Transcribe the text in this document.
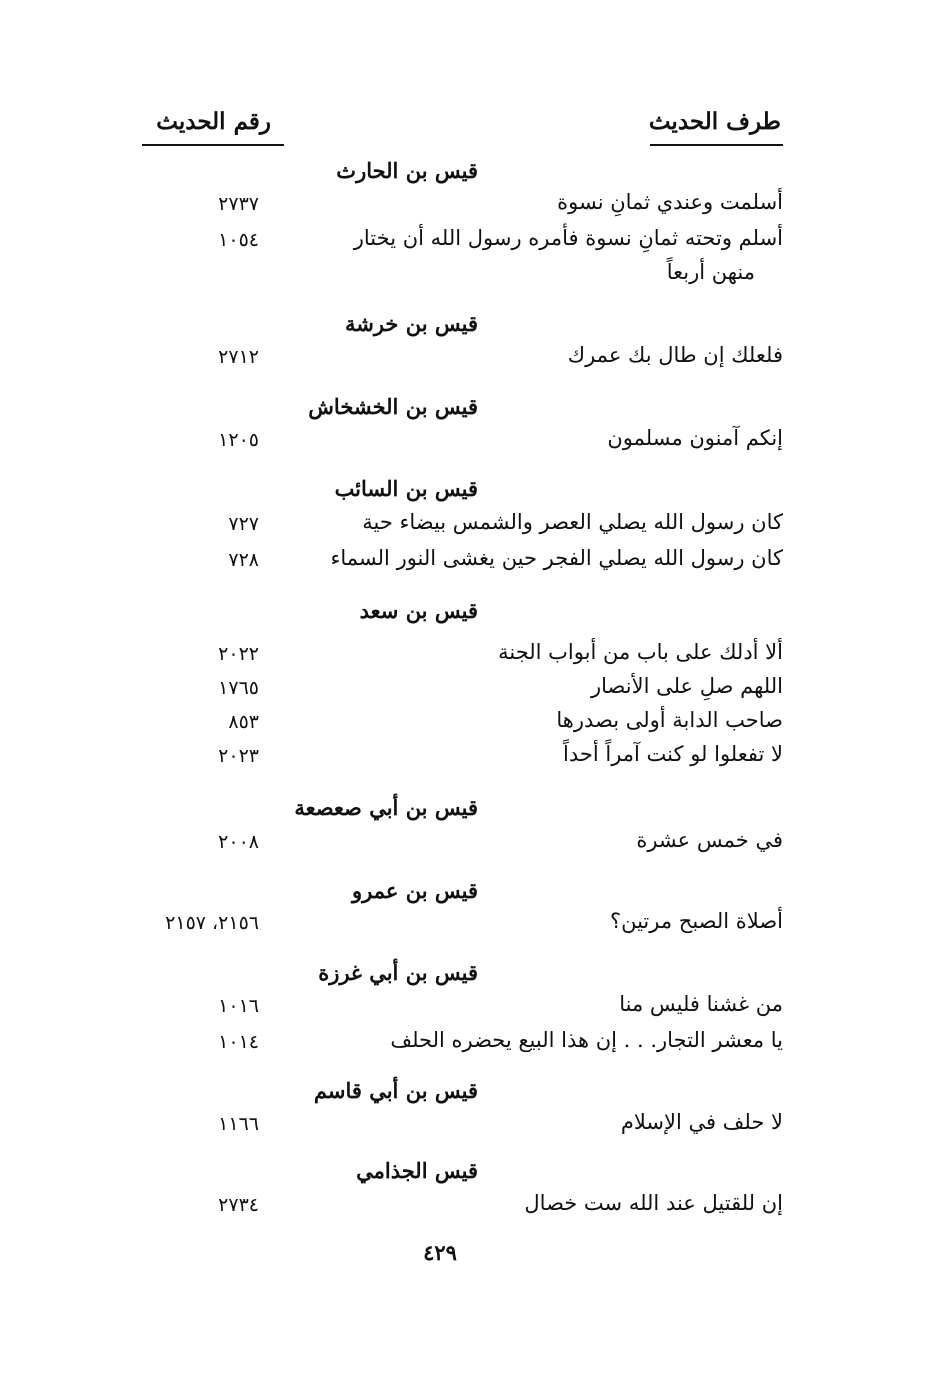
طرف الحديث
رقم الحديث
قيس بن الحارث
أسلمت وعندي ثمانِ نسوة
٢٧٣٧
أسلم وتحته ثمانِ نسوة فأمره رسول الله أن يختار
منهن أربعاً
١٠٥٤
قيس بن خرشة
فلعلك إن طال بك عمرك
٢٧١٢
قيس بن الخشخاش
إنكم آمنون مسلمون
١٢٠٥
قيس بن السائب
كان رسول الله يصلي العصر والشمس بيضاء حية
٧٢٧
كان رسول الله يصلي الفجر حين يغشى النور السماء
٧٢٨
قيس بن سعد
ألا أدلك على باب من أبواب الجنة
٢٠٢٢
اللهم صلِ على الأنصار
١٧٦٥
صاحب الدابة أولى بصدرها
٨٥٣
لا تفعلوا لو كنت آمراً أحداً
٢٠٢٣
قيس بن أبي صعصعة
في خمس عشرة
٢٠٠٨
قيس بن عمرو
أصلاة الصبح مرتين؟
٢١٥٦، ٢١٥٧
قيس بن أبي غرزة
من غشنا فليس منا
١٠١٦
يا معشر التجار. . . إن هذا البيع يحضره الحلف
١٠١٤
قيس بن أبي قاسم
لا حلف في الإسلام
١١٦٦
قيس الجذامي
إن للقتيل عند الله ست خصال
٢٧٣٤
٤٢٩
